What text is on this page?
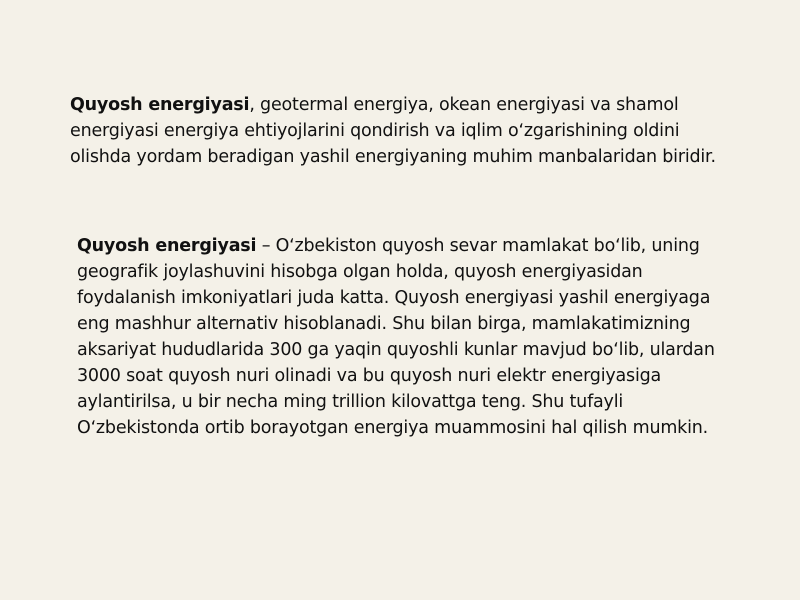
Quyosh energiyasi, geotermal energiya, okean energiyasi va shamol energiyasi energiya ehtiyojlarini qondirish va iqlim oʻzgarishining oldini olishda yordam beradigan yashil energiyaning muhim manbalaridan biridir.

Quyosh energiyasi – Oʻzbekiston quyosh sevar mamlakat boʻlib, uning geografik joylashuvini hisobga olgan holda, quyosh energiyasidan foydalanish imkoniyatlari juda katta. Quyosh energiyasi yashil energiyaga eng mashhur alternativ hisoblanadi. Shu bilan birga, mamlakatimizning aksariyat hududlarida 300 ga yaqin quyoshli kunlar mavjud boʻlib, ulardan 3000 soat quyosh nuri olinadi va bu quyosh nuri elektr energiyasiga aylantirilsa, u bir necha ming trillion kilovattga teng. Shu tufayli Oʻzbekistonda ortib borayotgan energiya muammosini hal qilish mumkin.
